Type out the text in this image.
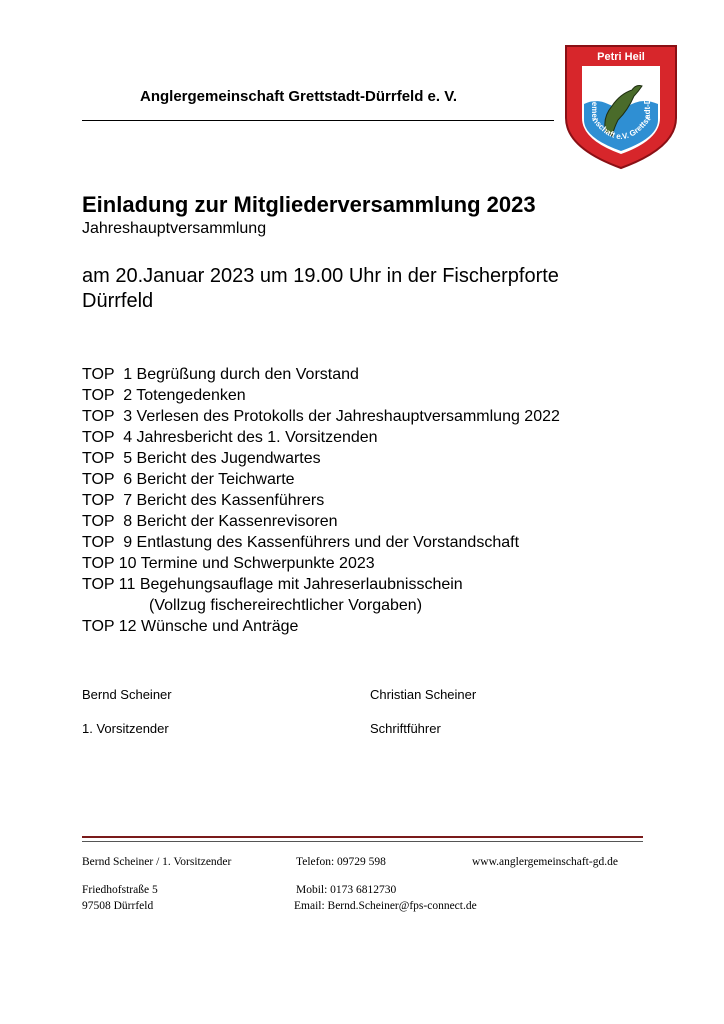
Anglergemeinschaft Grettstadt-Dürrfeld e. V.
Petri Heil
Anglergemeinschaft e.V. Grettstadt-Dürrfeld
Einladung zur Mitgliederversammlung 2023
Jahreshauptversammlung
am 20.Januar 2023 um 19.00 Uhr in der Fischerpforte
Dürrfeld
TOP  1 Begrüßung durch den Vorstand
TOP  2 Totengedenken
TOP  3 Verlesen des Protokolls der Jahreshauptversammlung 2022
TOP  4 Jahresbericht des 1. Vorsitzenden
TOP  5 Bericht des Jugendwartes
TOP  6 Bericht der Teichwarte
TOP  7 Bericht des Kassenführers
TOP  8 Bericht der Kassenrevisoren
TOP  9 Entlastung des Kassenführers und der Vorstandschaft
TOP 10 Termine und Schwerpunkte 2023
TOP 11 Begehungsauflage mit Jahreserlaubnisschein
(Vollzug fischereirechtlicher Vorgaben)
TOP 12 Wünsche und Anträge
Bernd Scheiner
1. Vorsitzender
Christian Scheiner
Schriftführer
Bernd Scheiner / 1. Vorsitzender	Telefon: 09729 598	www.anglergemeinschaft-gd.de
Friedhofstraße 5	Mobil: 0173 6812730
97508 Dürrfeld	Email: Bernd.Scheiner@fps-connect.de
